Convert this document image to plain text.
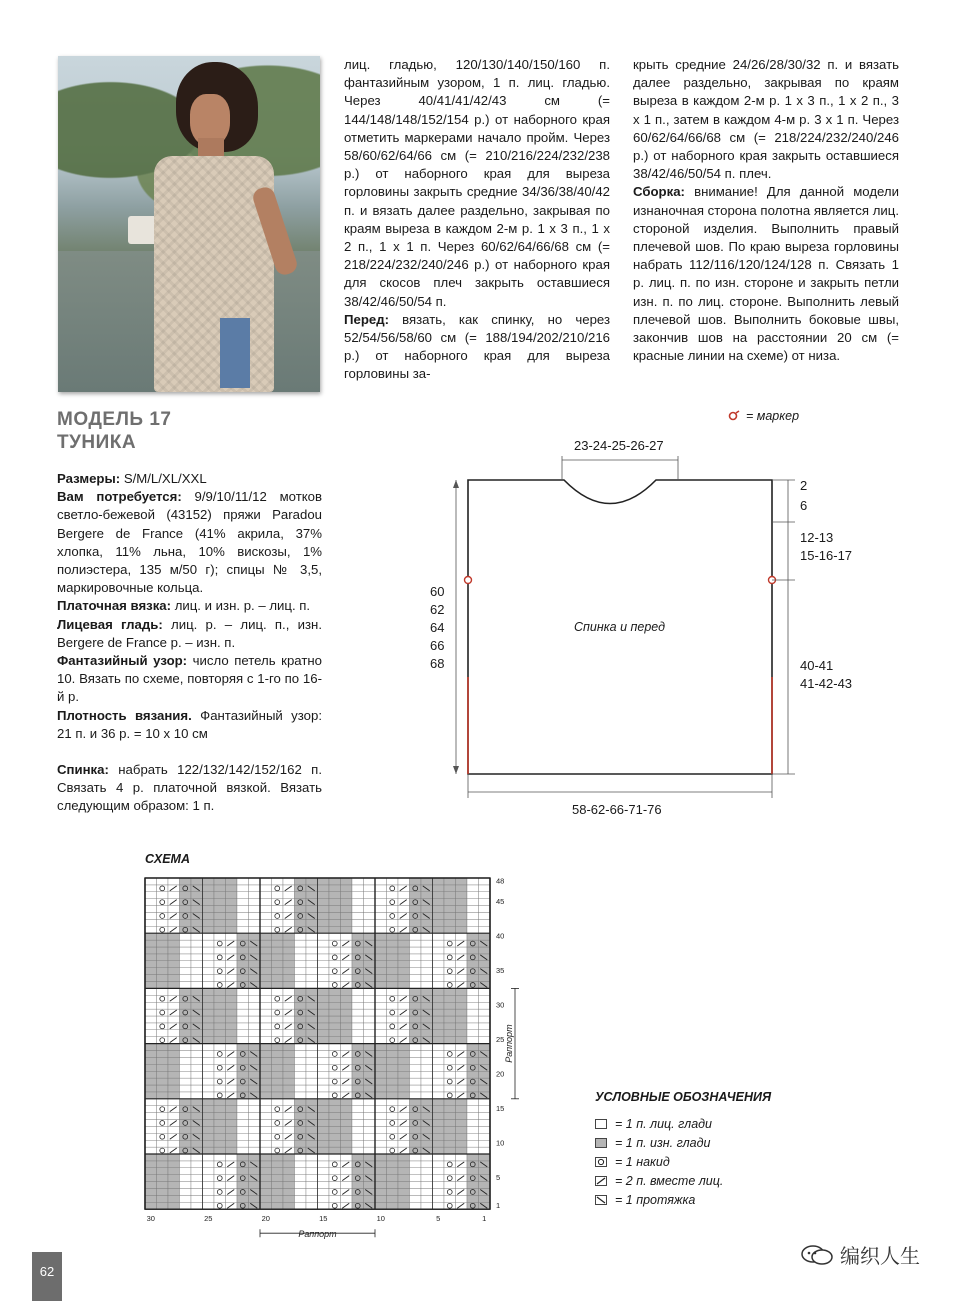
МОДЕЛЬ 17
ТУНИКА

Размеры: S/M/L/XL/XXL

Вам потребуется: 9/9/10/11/12 мотков светло-бежевой (43152) пряжи Paradou Bergere de France (41% акрила, 37% хлопка, 11% льна, 10% вискозы, 1% полиэстера, 135 м/50 г); спицы № 3,5, маркировочные кольца.

Платочная вязка: лиц. и изн. р. – лиц. п.

Лицевая гладь: лиц. р. – лиц. п., изн. Bergere de France р. – изн. п.

Фантазийный узор: число петель кратно 10. Вязать по схеме, повторяя с 1-го по 16-й р.

Плотность вязания. Фантазийный узор: 21 п. и 36 р. = 10 x 10 см

Спинка: набрать 122/132/142/152/162 п. Связать 4 р. платочной вязкой. Вязать следующим образом: 1 п.

лиц. гладью, 120/130/140/150/160 п. фантазийным узором, 1 п. лиц. гладью. Через 40/41/41/42/43 см (= 144/148/148/152/154 р.) от наборного края отметить маркерами начало пройм. Через 58/60/62/64/66 см (= 210/216/224/232/238 р.) от наборного края для выреза горловины закрыть средние 34/36/38/40/42 п. и вязать далее раздельно, закрывая по краям выреза в каждом 2-м р. 1 x 3 п., 1 x 2 п., 1 x 1 п. Через 60/62/64/66/68 см (= 218/224/232/240/246 р.) от наборного края для скосов плеч закрыть оставшиеся 38/42/46/50/54 п.

Перед: вязать, как спинку, но через 52/54/56/58/60 см (= 188/194/202/210/216 р.) от наборного края для выреза горловины за-

крыть средние 24/26/28/30/32 п. и вязать далее раздельно, закрывая по краям выреза в каждом 2-м р. 1 x 3 п., 1 x 2 п., 3 x 1 п., затем в каждом 4-м р. 3 x 1 п. Через 60/62/64/66/68 см (= 218/224/232/240/246 р.) от наборного края закрыть оставшиеся 38/42/46/50/54 п. плеч.

Сборка: внимание! Для данной модели изнаночная сторона полотна является лиц. стороной изделия. Выполнить правый плечевой шов. По краю выреза горловины набрать 112/116/120/124/128 п. Связать 1 р. лиц. п. по изн. стороне и закрыть петли изн. п. по лиц. стороне. Выполнить левый плечевой шов. Выполнить боковые швы, закончив шов на расстоянии 20 см (= красные линии на схеме) от низа.

= маркер
23-24-25-26-27
2
6
12-13
15-16-17
40-41
41-42-43
60
62
64
66
68
Спинка и перед
58-62-66-71-76
СХЕМА
48
45
40
35
30
25
20
15
10
5
1
30	25	20	15	10	5	1
Раппорт
Раппорт
УСЛОВНЫЕ ОБОЗНАЧЕНИЯ
= 1 п. лиц. глади
= 1 п. изн. глади
= 1 накид
= 2 п. вместе лиц.
= 1 протяжка
62
编织人生
